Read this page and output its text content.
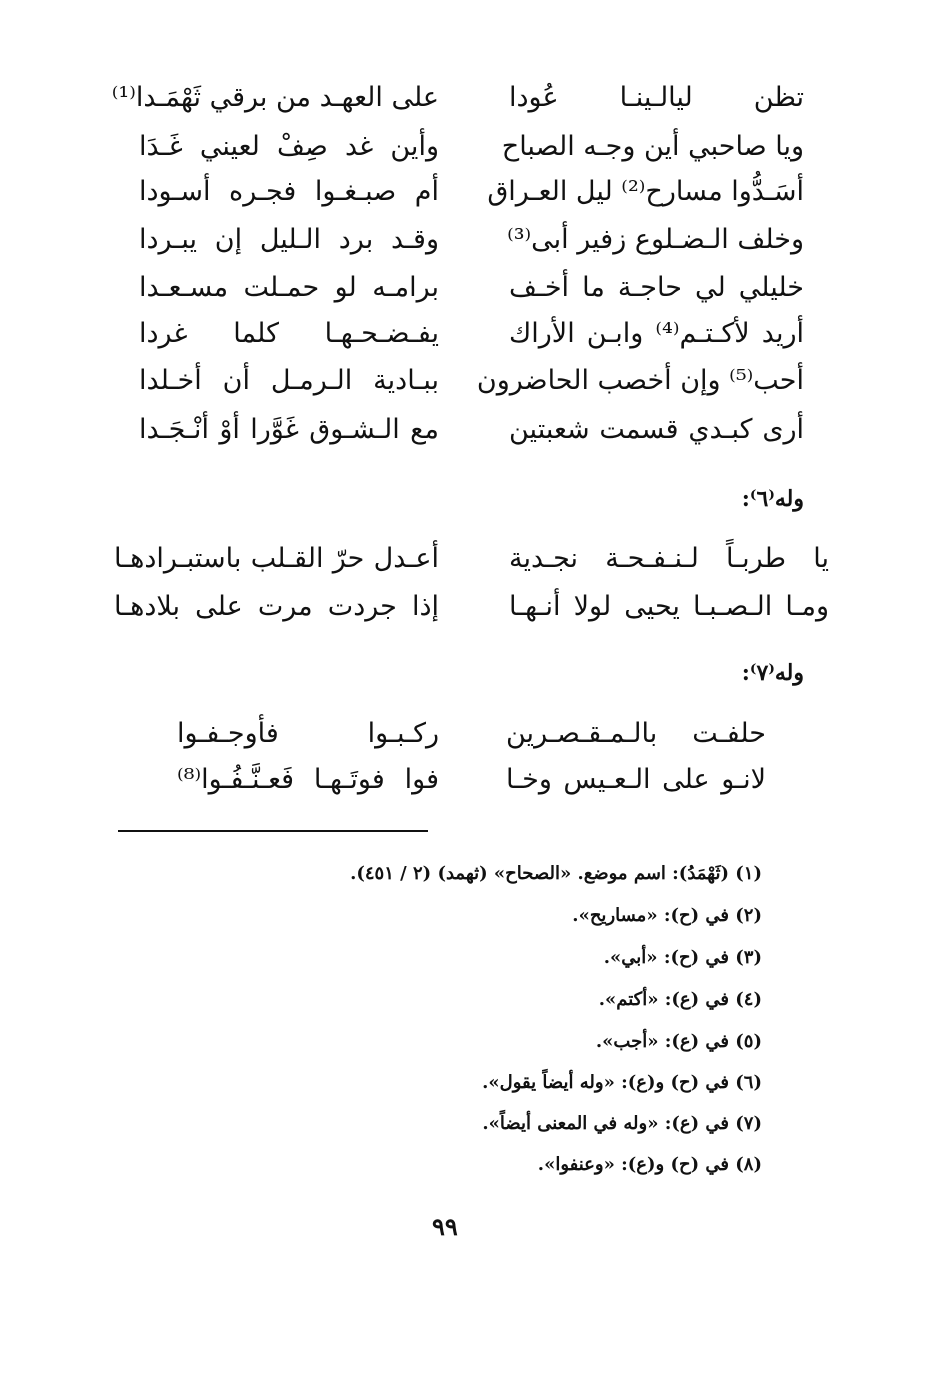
تظن ليالـينـا عُودا
على العهـد من برقي ثَهْمَـدا⁽¹⁾
ويا صاحبي أين وجـه الصباح
وأين غد صِفْ لعيني غَـدَا
أسَـدُّوا مسارح⁽²⁾ ليل العـراق
أم صبـغـوا فجـره أسـودا
وخلف الـضـلوع زفير أبى⁽³⁾
وقـد برد الـليل إن يبـردا
خليلي لي حاجـة ما أخـف
برامـه لو حمـلت مسـعـدا
أريد لأكـتـم⁽⁴⁾ وابـن الأراك
يفـضـحـهـا كلما غردا
أحب⁽⁵⁾ وإن أخصب الحاضرون
ببـادية الـرمـل أن أخـلدا
أرى كبـدي قسمت شعبتين
مع الـشـوق غَوَّرا أوْ أنْـجَـدا
وله⁽٦⁾:
يا طربـاً لـنـفـحـة نجـدية
أعـدل حرّ القـلب باستبـرادهـا
ومـا الـصـبـا يحيى لولا أنـهـا
إذا جردت مرت على بلادهـا
وله⁽٧⁾:
حلفـت بالـمـقـصـرين
ركـبـوا فأوجـفـوا
لانـو على الـعـيس وخـا
فوا فوتَـهـا فَعـنَّـفُـوا⁽⁸⁾
(١) (ثَهْمَدُ): اسم موضع. «الصحاح» (ثهمد) (٢ / ٤٥١).
(٢) في (ح): «مساريح».
(٣) في (ح): «أبي».
(٤) في (ع): «أكتم».
(٥) في (ع): «أجب».
(٦) في (ح) و(ع): «وله أيضاً يقول».
(٧) في (ع): «وله في المعنى أيضاً».
(٨) في (ح) و(ع): «وعنفوا».
٩٩
